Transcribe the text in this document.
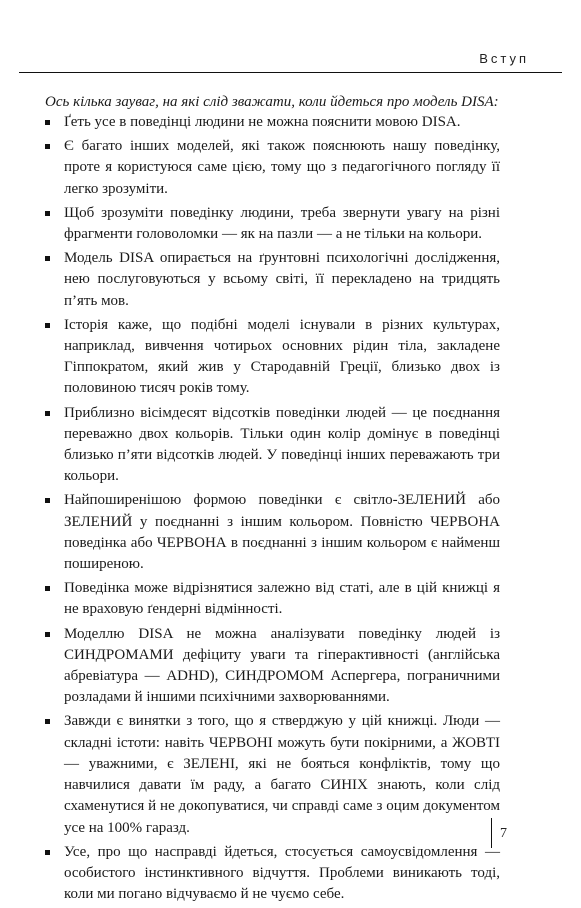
Вступ
Ось кілька зауваг, на які слід зважати, коли йдеться про модель DISA:
Ґеть усе в поведінці людини не можна пояснити мовою DISA.
Є багато інших моделей, які також пояснюють нашу поведінку, проте я користуюся саме цією, тому що з педагогічного погляду її легко зрозуміти.
Щоб зрозуміти поведінку людини, треба звернути увагу на різні фрагменти головоломки — як на пазли — а не тільки на кольори.
Модель DISA опирається на ґрунтовні психологічні дослідження, нею послуговуються у всьому світі, її перекладено на тридцять п’ять мов.
Історія каже, що подібні моделі існували в різних культурах, наприклад, вивчення чотирьох основних рідин тіла, закладене Гіппократом, який жив у Стародавній Греції, близько двох із половиною тисяч років тому.
Приблизно вісімдесят відсотків поведінки людей — це поєднання переважно двох кольорів. Тільки один колір домінує в поведінці близько п’яти відсотків людей. У поведінці інших переважають три кольори.
Найпоширенішою формою поведінки є світло-ЗЕЛЕНИЙ або ЗЕЛЕНИЙ у поєднанні з іншим кольором. Повністю ЧЕРВОНА поведінка або ЧЕРВОНА в поєднанні з іншим кольором є найменш поширеною.
Поведінка може відрізнятися залежно від статі, але в цій книжці я не враховую ґендерні відмінності.
Моделлю DISA не можна аналізувати поведінку людей із СИНДРОМАМИ дефіциту уваги та гіперактивності (англійська абревіатура — ADHD), СИНДРОМОМ Аспергера, пограничними розладами й іншими психічними захворюваннями.
Завжди є винятки з того, що я стверджую у цій книжці. Люди — складні істоти: навіть ЧЕРВОНІ можуть бути покірними, а ЖОВТІ — уважними, є ЗЕЛЕНІ, які не бояться конфліктів, тому що навчилися давати їм раду, а багато СИНІХ знають, коли слід схаменутися й не докопуватися, чи справді саме з оцим документом усе на 100% гаразд.
Усе, про що насправді йдеться, стосується самоусвідомлення — особистого інстинктивного відчуття. Проблеми виникають тоді, коли ми погано відчуваємо й не чуємо себе.
7
